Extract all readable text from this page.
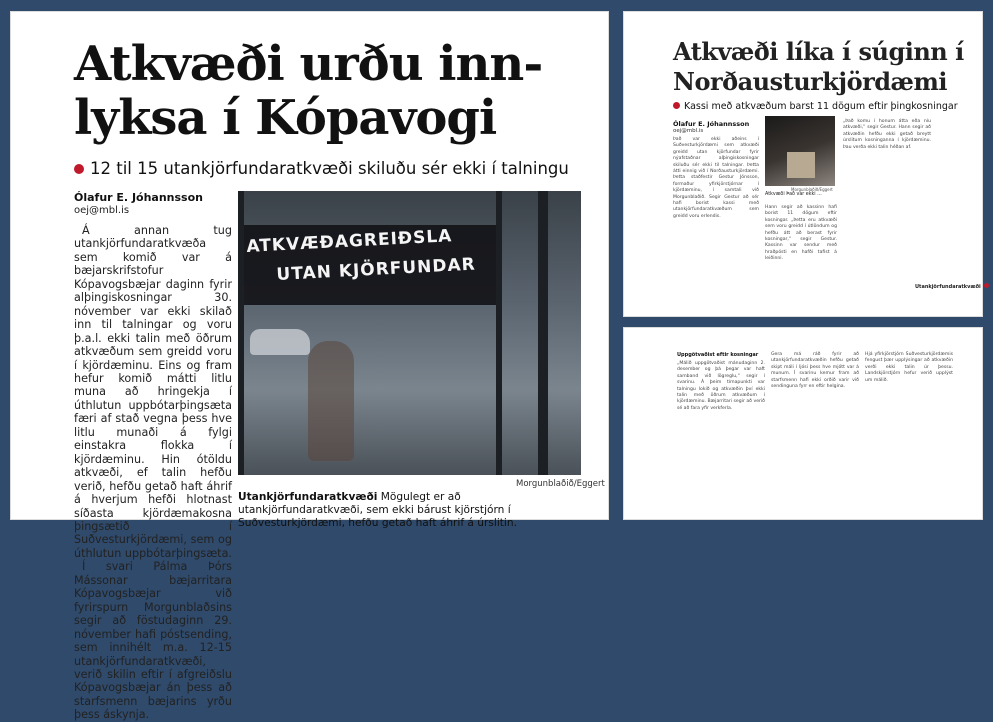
Atkvæði urðu inn-lyksa í Kópavogi
12 til 15 utankjörfundaratkvæði skiluðu sér ekki í talningu
Ólafur E. Jóhannsson
oej@mbl.is

Á annan tug utankjörfundaratkvæða sem komið var á bæjarskrifstofur Kópavogsbæjar daginn fyrir alþingiskosningar 30. nóvember var ekki skilað inn til talningar og voru þ.a.l. ekki talin með öðrum atkvæðum sem greidd voru í kjördæminu. Eins og fram hefur komið mátti litlu muna að hringekja í úthlutun uppbótarþingsæta færi af stað vegna þess hve litlu munaði á fylgi einstakra flokka í kjördæminu. Hin ótöldu atkvæði, ef talin hefðu verið, hefðu getað haft áhrif á hverjum hefði hlotnast síðasta kjördæmakosna þingsætið í Suðvesturkjördæmi, sem og úthlutun uppbótarþingsæta.

Í svari Pálma Þórs Mássonar bæjarritara Kópavogsbæjar við fyrirspurn Morgunblaðsins segir að föstudaginn 29. nóvember hafi póstsending, sem innihélt m.a. 12-15 utankjörfundaratkvæði, verið skilin eftir í afgreiðslu Kópavogsbæjar án þess að starfsmenn bæjarins yrðu þess áskynja.

ATKVÆÐAGREIÐSLA
UTAN KJÖRFUNDAR
Morgunblaðið/Eggert
Utankjörfundaratkvæði Mögulegt er að utankjörfundaratkvæði, sem ekki bárust kjörstjórn í Suðvesturkjördæmi, hefðu getað haft áhrif á úrslitin.
Atkvæði líka í súginn í Norðausturkjördæmi
Kassi með atkvæðum barst 11 dögum eftir þingkosningar
Ólafur E. Jóhannsson
oej@mbl.is
Það var ekki aðeins í Suðvesturkjördæmi sem atkvæði greidd utan kjörfundar fyrir nýafstaðnar alþingiskosningar skiluðu sér ekki til talningar. Þetta átti einnig við í Norðausturkjördæmi. Þetta staðfestir Gestur Jónsson, formaður yfirkjörstjórnar í kjördæminu, í samtali við Morgunblaðið. Segir Gestur að sér hafi borist kassi með utankjörfundaratkvæðum sem greidd voru erlendis.
Morgunblaðið/Eggert
Atkvæði Það var ekki ...
Hann segir að kassinn hafi borist 11 dögum eftir kosningar. „Þetta eru atkvæði sem voru greidd í útlöndum og hefðu átt að berast fyrir kosningar,“ segir Gestur. Kassinn var sendur með hraðpósti en hafði tafist á leiðinni.
„Það komu í honum átta eða níu atkvæði,“ segir Gestur. Hann segir að atkvæðin hefðu ekki getað breytt úrslitum kosninganna í kjördæminu. Þau verða ekki talin héðan af.
Utankjörfundaratkvæði
Uppgötvaðist eftir kosningar
„Málið uppgötvaðist mánudaginn 2. desember og þá þegar var haft samband við lögreglu,“ segir í svarinu. Á þeim tímapunkti var talningu lokið og atkvæðin því ekki talin með öðrum atkvæðum í kjördæminu. Bæjarritari segir að verið sé að fara yfir verkferla.
Gera má ráð fyrir að utankjörfundaratkvæðin hefðu getað skipt máli í ljósi þess hve mjótt var á munum. Í svarinu kemur fram að starfsmenn hafi ekki orðið varir við sendinguna fyrr en eftir helgina.
Hjá yfirkjörstjórn Suðvesturkjördæmis fengust þær upplýsingar að atkvæðin verði ekki talin úr þessu. Landskjörstjórn hefur verið upplýst um málið.
